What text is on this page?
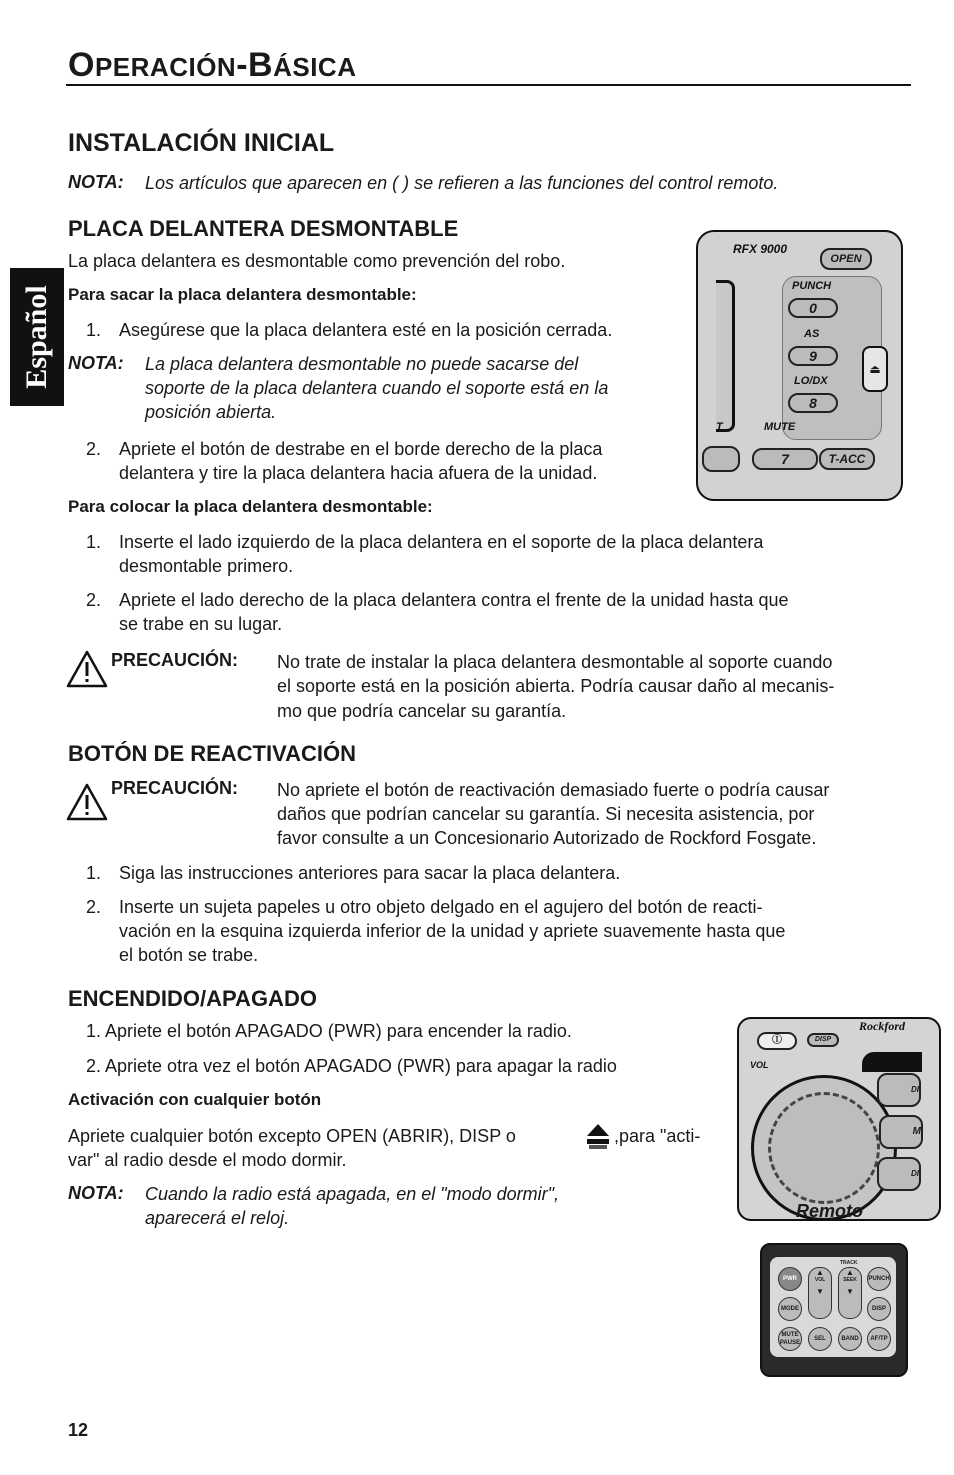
OPERACIÓN-BÁSICA
Español
INSTALACIÓN INICIAL
NOTA: Los artículos que aparecen en ( ) se refieren a las funciones del control remoto.
PLACA DELANTERA DESMONTABLE
La placa delantera es desmontable como prevención del robo.
Para sacar la placa delantera desmontable:
1. Asegúrese que la placa delantera esté en la posición cerrada.
NOTA: La placa delantera desmontable no puede sacarse del
soporte de la placa delantera cuando el soporte está en la
posición abierta.
2. Apriete el botón de destrabe en el borde derecho de la placa
delantera y tire la placa delantera hacia afuera de la unidad.
Para colocar la placa delantera desmontable:
1. Inserte el lado izquierdo de la placa delantera en el soporte de la placa delantera
desmontable primero.
2. Apriete el lado derecho de la placa delantera contra el frente de la unidad hasta que
se trabe en su lugar.
PRECAUCIÓN: No trate de instalar la placa delantera desmontable al soporte cuando
el soporte está en la posición abierta. Podría causar daño al mecanis-
mo que podría cancelar su garantía.
BOTÓN DE REACTIVACIÓN
PRECAUCIÓN: No apriete el botón de reactivación demasiado fuerte o podría causar
daños que podrían cancelar su garantía. Si necesita asistencia, por
favor consulte a un Concesionario Autorizado de Rockford Fosgate.
1. Siga las instrucciones anteriores para sacar la placa delantera.
2. Inserte un sujeta papeles u otro objeto delgado en el agujero del botón de reacti-
vación en la esquina izquierda inferior de la unidad y apriete suavemente hasta que
el botón se trabe.
ENCENDIDO/APAGADO
1. Apriete el botón APAGADO (PWR) para encender la radio.
2. Apriete otra vez el botón APAGADO (PWR) para apagar la radio
Activación con cualquier botón
Apriete cualquier botón excepto OPEN (ABRIR), DISP o	,para "acti-
var" al radio desde el modo dormir.
NOTA: Cuando la radio está apagada, en el "modo dormir",
aparecerá el reloj.
RFX 9000
OPEN
PUNCH
0
AS
9
LO/DX
8
⏏
T	MUTE
7	T-ACC
Ⓘ	DISP
Rockford
VOL
DI
M
DI
Remoto
TRACK
PWR
▲
VOL
▼
▲
SEEK
▼
PUNCH
MODE	DISP
MUTE PAUSE
SEL	BAND	AF/TP
12
